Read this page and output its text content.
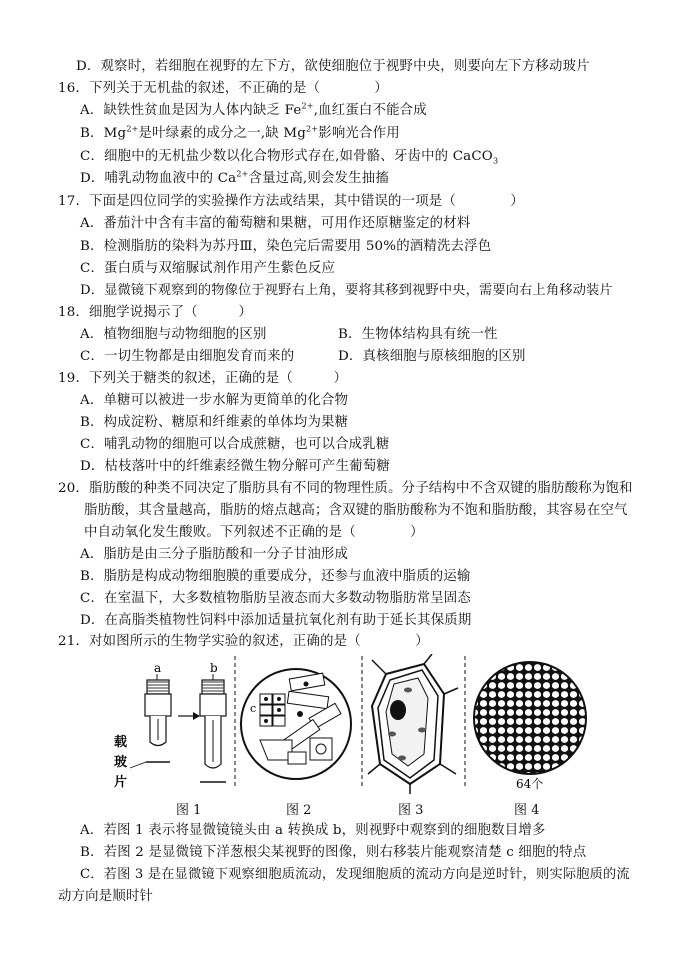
D．观察时，若细胞在视野的左下方，欲使细胞位于视野中央，则要向左下方移动玻片
16．下列关于无机盐的叙述，不正确的是（　　　　）
A．缺铁性贫血是因为人体内缺乏 $Fe^{2+}$,血红蛋白不能合成
B．$Mg^{2+}$是叶绿素的成分之一,缺 $Mg^{2+}$影响光合作用
C．细胞中的无机盐少数以化合物形式存在,如骨骼、牙齿中的 CaCO$_3$
D．哺乳动物血液中的 $Ca^{2+}$含量过高,则会发生抽搐
17．下面是四位同学的实验操作方法或结果，其中错误的一项是（　　　　）
A．番茄汁中含有丰富的葡萄糖和果糖，可用作还原糖鉴定的材料
B．检测脂肪的染料为苏丹Ⅲ，染色完后需要用 50%的酒精洗去浮色
C．蛋白质与双缩脲试剂作用产生紫色反应
D．显微镜下观察到的物像位于视野右上角，要将其移到视野中央，需要向右上角移动装片
18．细胞学说揭示了（　　　）
A．植物细胞与动物细胞的区别	B．生物体结构具有统一性
C．一切生物都是由细胞发育而来的	D．真核细胞与原核细胞的区别
19．下列关于糖类的叙述，正确的是（　　　）
A．单糖可以被进一步水解为更简单的化合物
B．构成淀粉、糖原和纤维素的单体均为果糖
C．哺乳动物的细胞可以合成蔗糖，也可以合成乳糖
D．枯枝落叶中的纤维素经微生物分解可产生葡萄糖
20．脂肪酸的种类不同决定了脂肪具有不同的物理性质。分子结构中不含双键的脂肪酸称为饱和
脂肪酸，其含量越高，脂肪的熔点越高；含双键的脂肪酸称为不饱和脂肪酸，其容易在空气
中自动氧化发生酸败。下列叙述不正确的是（　　　　）
A．脂肪是由三分子脂肪酸和一分子甘油形成
B．脂肪是构成动物细胞膜的重要成分，还参与血液中脂质的运输
C．在室温下，大多数植物脂肪呈液态而大多数动物脂肪常呈固态
D．在高脂类植物性饲料中添加适量抗氧化剂有助于延长其保质期
21．对如图所示的生物学实验的叙述，正确的是（　　　　）
a	b
载玻片
c
64个
图 1	图 2	图 3	图 4
A．若图 1 表示将显微镜镜头由 a 转换成 b，则视野中观察到的细胞数目增多
B．若图 2 是显微镜下洋葱根尖某视野的图像，则右移装片能观察清楚 c 细胞的特点
C．若图 3 是在显微镜下观察细胞质流动，发现细胞质的流动方向是逆时针，则实际胞质的流
动方向是顺时针
